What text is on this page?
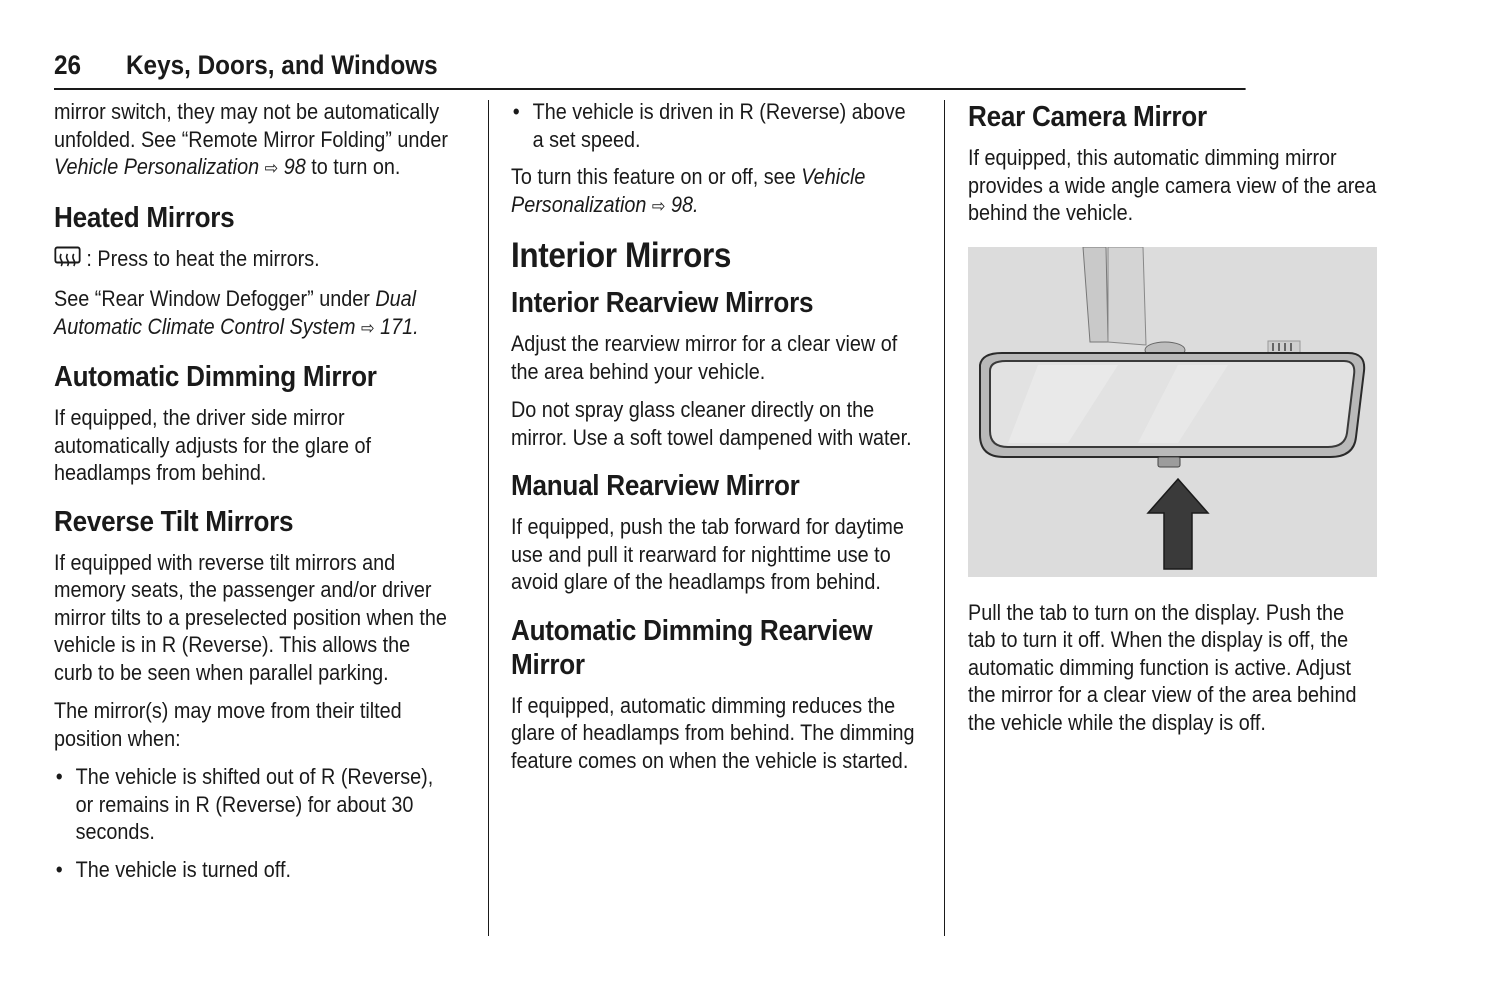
26 Keys, Doors, and Windows

mirror switch, they may not be automatically unfolded. See “Remote Mirror Folding” under Vehicle Personalization ⇨ 98 to turn on.

Heated Mirrors

: Press to heat the mirrors.

See “Rear Window Defogger” under Dual Automatic Climate Control System ⇨ 171.

Automatic Dimming Mirror

If equipped, the driver side mirror automatically adjusts for the glare of headlamps from behind.

Reverse Tilt Mirrors

If equipped with reverse tilt mirrors and memory seats, the passenger and/or driver mirror tilts to a preselected position when the vehicle is in R (Reverse). This allows the curb to be seen when parallel parking.

The mirror(s) may move from their tilted position when:

• The vehicle is shifted out of R (Reverse), or remains in R (Reverse) for about 30 seconds.
• The vehicle is turned off.
• The vehicle is driven in R (Reverse) above a set speed.

To turn this feature on or off, see Vehicle Personalization ⇨ 98.

Interior Mirrors
Interior Rearview Mirrors

Adjust the rearview mirror for a clear view of the area behind your vehicle.

Do not spray glass cleaner directly on the mirror. Use a soft towel dampened with water.

Manual Rearview Mirror

If equipped, push the tab forward for daytime use and pull it rearward for nighttime use to avoid glare of the headlamps from behind.

Automatic Dimming Rearview Mirror

If equipped, automatic dimming reduces the glare of headlamps from behind. The dimming feature comes on when the vehicle is started.

Rear Camera Mirror

If equipped, this automatic dimming mirror provides a wide angle camera view of the area behind the vehicle.

Pull the tab to turn on the display. Push the tab to turn it off. When the display is off, the automatic dimming function is active. Adjust the mirror for a clear view of the area behind the vehicle while the display is off.
